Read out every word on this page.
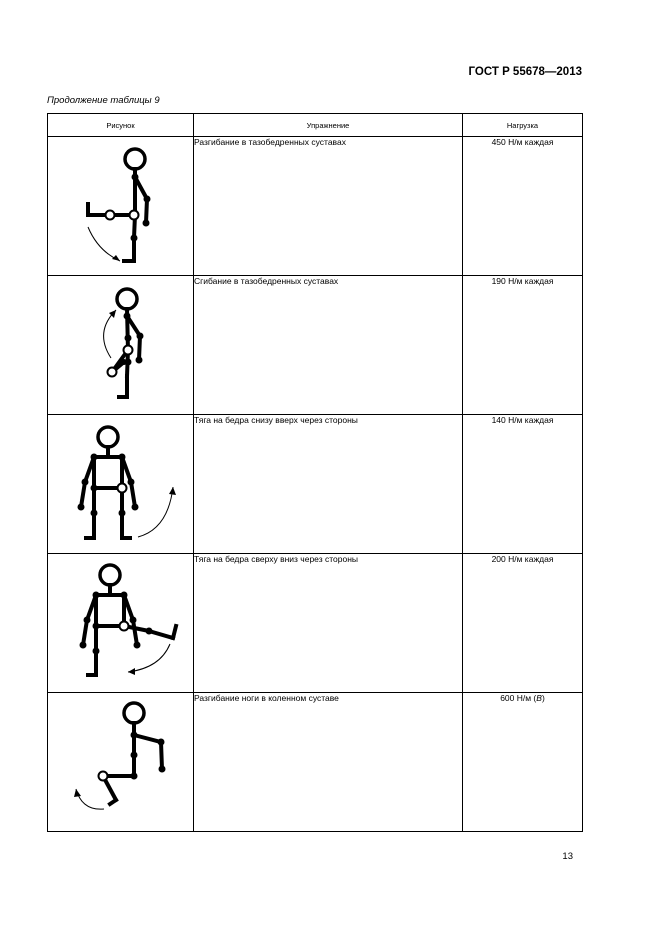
ГОСТ Р 55678—2013
Продолжение таблицы 9
Рисунок	Упражнение	Нагрузка

	Разгибание в тазобедренных суставах	450 Н/м каждая

	Сгибание в тазобедренных суставах	190 Н/м каждая

	Тяга на бедра снизу вверх через стороны	140 Н/м каждая

	Тяга на бедра сверху вниз через стороны	200 Н/м каждая

	Разгибание ноги в коленном суставе	600 Н/м (В)
13
